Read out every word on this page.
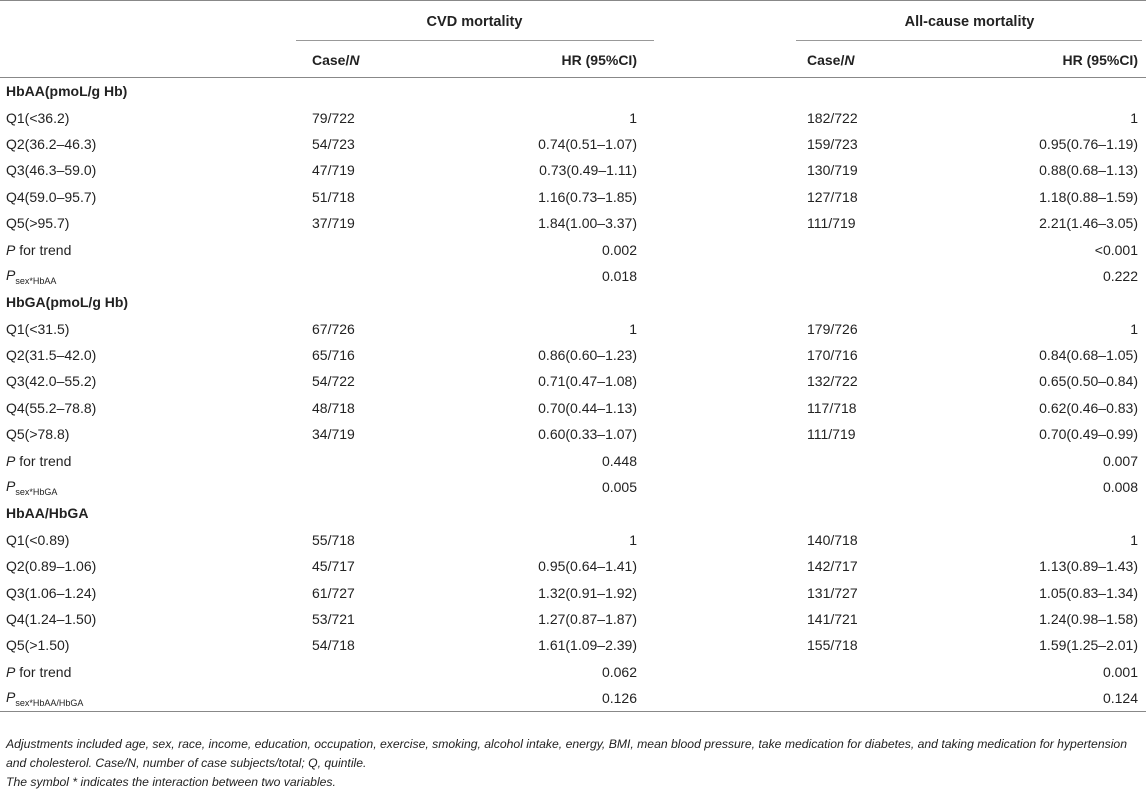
	CVD mortality			All-cause mortality	
	Case/N	HR (95%CI)		Case/N	HR (95%CI)
HbAA(pmoL/g Hb)					
Q1(<36.2)	79/722	1		182/722	1
Q2(36.2–46.3)	54/723	0.74(0.51–1.07)		159/723	0.95(0.76–1.19)
Q3(46.3–59.0)	47/719	0.73(0.49–1.11)		130/719	0.88(0.68–1.13)
Q4(59.0–95.7)	51/718	1.16(0.73–1.85)		127/718	1.18(0.88–1.59)
Q5(>95.7)	37/719	1.84(1.00–3.37)		111/719	2.21(1.46–3.05)
P for trend		0.002			<0.001
$P_{sex*HbAA}$		0.018			0.222
HbGA(pmoL/g Hb)					
Q1(<31.5)	67/726	1		179/726	1
Q2(31.5–42.0)	65/716	0.86(0.60–1.23)		170/716	0.84(0.68–1.05)
Q3(42.0–55.2)	54/722	0.71(0.47–1.08)		132/722	0.65(0.50–0.84)
Q4(55.2–78.8)	48/718	0.70(0.44–1.13)		117/718	0.62(0.46–0.83)
Q5(>78.8)	34/719	0.60(0.33–1.07)		111/719	0.70(0.49–0.99)
P for trend		0.448			0.007
$P_{sex*HbGA}$		0.005			0.008
HbAA/HbGA					
Q1(<0.89)	55/718	1		140/718	1
Q2(0.89–1.06)	45/717	0.95(0.64–1.41)		142/717	1.13(0.89–1.43)
Q3(1.06–1.24)	61/727	1.32(0.91–1.92)		131/727	1.05(0.83–1.34)
Q4(1.24–1.50)	53/721	1.27(0.87–1.87)		141/721	1.24(0.98–1.58)
Q5(>1.50)	54/718	1.61(1.09–2.39)		155/718	1.59(1.25–2.01)
P for trend		0.062			0.001
$P_{sex*HbAA/HbGA}$		0.126			0.124
Adjustments included age, sex, race, income, education, occupation, exercise, smoking, alcohol intake, energy, BMI, mean blood pressure, take medication for diabetes, and taking medication for hypertension and cholesterol. Case/N, number of case subjects/total; Q, quintile.
The symbol * indicates the interaction between two variables.
